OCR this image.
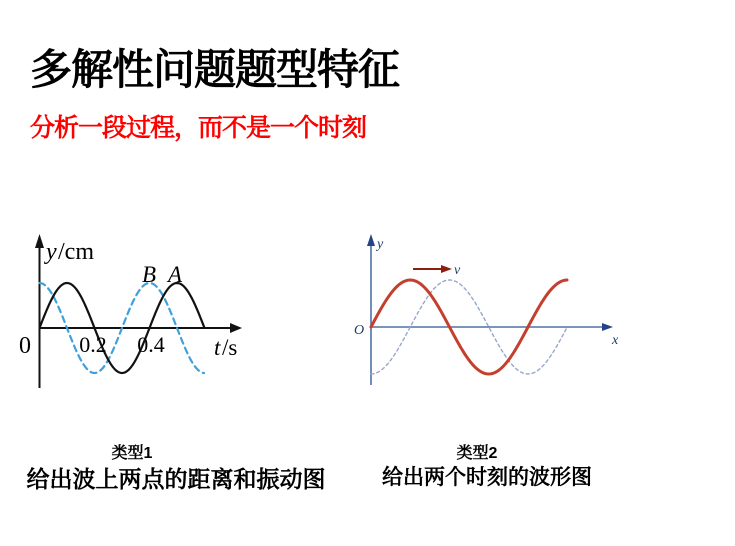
多解性问题题型特征
分析一段过程，而不是一个时刻
y /cm
0 0.2 0.4
B A
t /s
y
O
x
v
类型1
给出波上两点的距离和振动图
类型2
给出两个时刻的波形图
